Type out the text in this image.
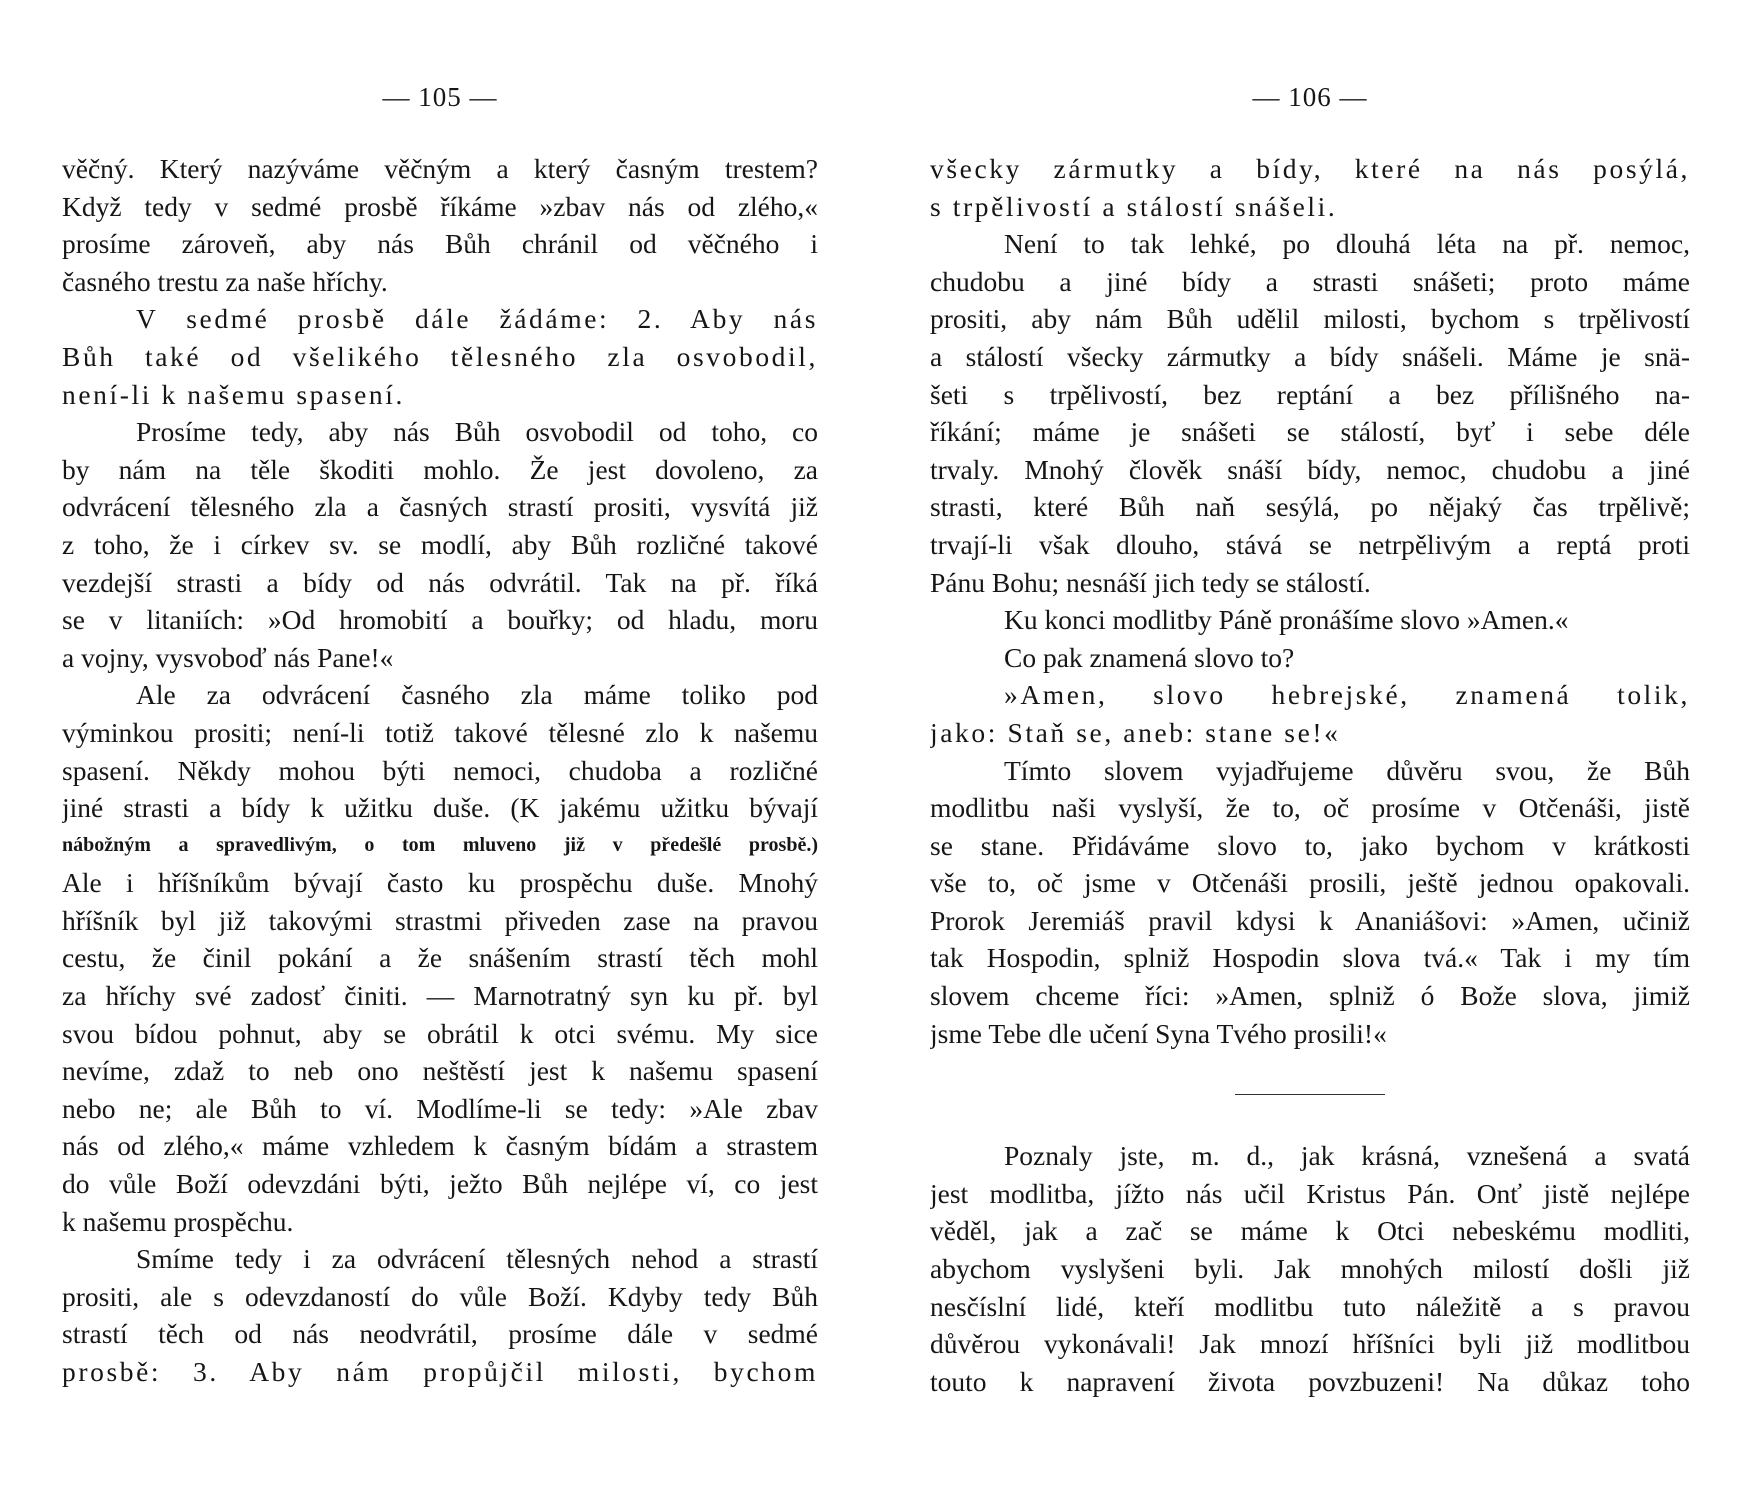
— 105 —
věčný. Který nazýváme věčným a který časným trestem?
Když tedy v sedmé prosbě říkáme »zbav nás od zlého,«
prosíme zároveň, aby nás Bůh chránil od věčného i
časného trestu za naše hříchy.
V sedmé prosbě dále žádáme: 2. Aby nás
Bůh také od všelikého tělesného zla osvobodil,
není-li k našemu spasení.
Prosíme tedy, aby nás Bůh osvobodil od toho, co
by nám na těle škoditi mohlo. Že jest dovoleno, za
odvrácení tělesného zla a časných strastí prositi, vysvítá již
z toho, že i církev sv. se modlí, aby Bůh rozličné takové
vezdejší strasti a bídy od nás odvrátil. Tak na př. říká
se v litaniích: »Od hromobití a bouřky; od hladu, moru
a vojny, vysvoboď nás Pane!«
Ale za odvrácení časného zla máme toliko pod
výminkou prositi; není-li totiž takové tělesné zlo k našemu
spasení. Někdy mohou býti nemoci, chudoba a rozličné
jiné strasti a bídy k užitku duše. (K jakému užitku bývají
nábožným a spravedlivým, o tom mluveno již v předešlé prosbě.)
Ale i hříšníkům bývají často ku prospěchu duše. Mnohý
hříšník byl již takovými strastmi přiveden zase na pravou
cestu, že činil pokání a že snášením strastí těch mohl
za hříchy své zadosť činiti. — Marnotratný syn ku př. byl
svou bídou pohnut, aby se obrátil k otci svému. My sice
nevíme, zdaž to neb ono neštěstí jest k našemu spasení
nebo ne; ale Bůh to ví. Modlíme-li se tedy: »Ale zbav
nás od zlého,« máme vzhledem k časným bídám a strastem
do vůle Boží odevzdáni býti, ježto Bůh nejlépe ví, co jest
k našemu prospěchu.
Smíme tedy i za odvrácení tělesných nehod a strastí
prositi, ale s odevzdaností do vůle Boží. Kdyby tedy Bůh
strastí těch od nás neodvrátil, prosíme dále v sedmé
prosbě: 3. Aby nám propůjčil milosti, bychom
— 106 —
všecky zármutky a bídy, které na nás posýlá,
s trpělivostí a stálostí snášeli.
Není to tak lehké, po dlouhá léta na př. nemoc,
chudobu a jiné bídy a strasti snášeti; proto máme
prositi, aby nám Bůh udělil milosti, bychom s trpělivostí
a stálostí všecky zármutky a bídy snášeli. Máme je snä-
šeti s trpělivostí, bez reptání a bez přílišného na-
říkání; máme je snášeti se stálostí, byť i sebe déle
trvaly. Mnohý člověk snáší bídy, nemoc, chudobu a jiné
strasti, které Bůh naň sesýlá, po nějaký čas trpělivě;
trvají-li však dlouho, stává se netrpělivým a reptá proti
Pánu Bohu; nesnáší jich tedy se stálostí.
Ku konci modlitby Páně pronášíme slovo »Amen.«
Co pak znamená slovo to?
»Amen, slovo hebrejské, znamená tolik,
jako: Staň se, aneb: stane se!«
Tímto slovem vyjadřujeme důvěru svou, že Bůh
modlitbu naši vyslyší, že to, oč prosíme v Otčenáši, jistě
se stane. Přidáváme slovo to, jako bychom v krátkosti
vše to, oč jsme v Otčenáši prosili, ještě jednou opakovali.
Prorok Jeremiáš pravil kdysi k Ananiášovi: »Amen, učiniž
tak Hospodin, splniž Hospodin slova tvá.« Tak i my tím
slovem chceme říci: »Amen, splniž ó Bože slova, jimiž
jsme Tebe dle učení Syna Tvého prosili!«
Poznaly jste, m. d., jak krásná, vznešená a svatá
jest modlitba, jížto nás učil Kristus Pán. Onť jistě nejlépe
věděl, jak a zač se máme k Otci nebeskému modliti,
abychom vyslyšeni byli. Jak mnohých milostí došli již
nesčíslní lidé, kteří modlitbu tuto náležitě a s pravou
důvěrou vykonávali! Jak mnozí hříšníci byli již modlitbou
touto k napravení života povzbuzeni! Na důkaz toho
